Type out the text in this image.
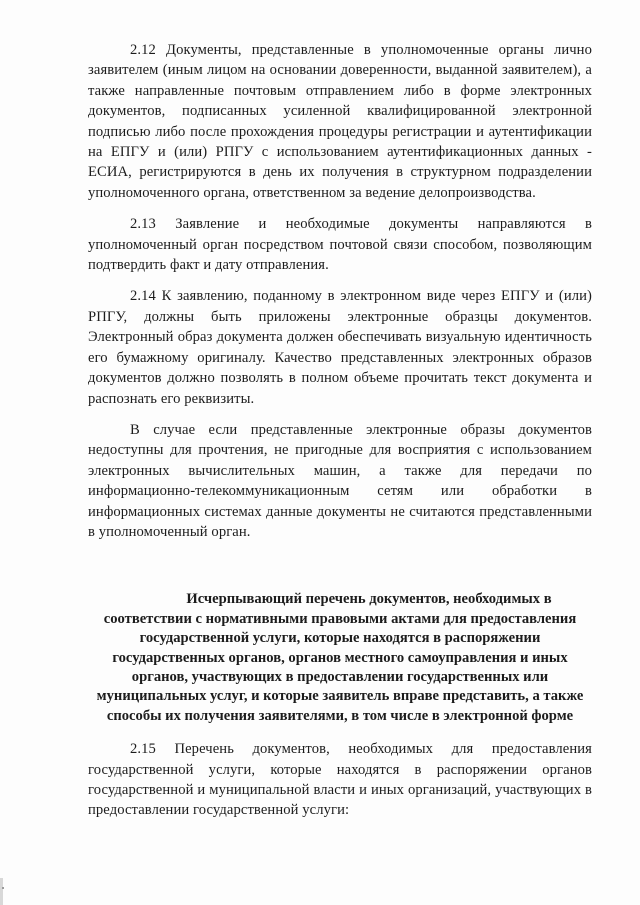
2.12 Документы, представленные в уполномоченные органы лично заявителем (иным лицом на основании доверенности, выданной заявителем), а также направленные почтовым отправлением либо в форме электронных документов, подписанных усиленной квалифицированной электронной подписью либо после прохождения процедуры регистрации и аутентификации на ЕПГУ и (или) РПГУ с использованием аутентификационных данных - ЕСИА, регистрируются в день их получения в структурном подразделении уполномоченного органа, ответственном за ведение делопроизводства.

2.13 Заявление и необходимые документы направляются в уполномоченный орган посредством почтовой связи способом, позволяющим подтвердить факт и дату отправления.

2.14 К заявлению, поданному в электронном виде через ЕПГУ и (или) РПГУ, должны быть приложены электронные образцы документов. Электронный образ документа должен обеспечивать визуальную идентичность его бумажному оригиналу. Качество представленных электронных образов документов должно позволять в полном объеме прочитать текст документа и распознать его реквизиты.

В случае если представленные электронные образы документов недоступны для прочтения, не пригодные для восприятия с использованием электронных вычислительных машин, а также для передачи по информационно-телекоммуникационным сетям или обработки в информационных системах данные документы не считаются представленными в уполномоченный орган.

Исчерпывающий перечень документов, необходимых в соответствии с нормативными правовыми актами для предоставления государственной услуги, которые находятся в распоряжении государственных органов, органов местного самоуправления и иных органов, участвующих в предоставлении государственных или муниципальных услуг, и которые заявитель вправе представить, а также способы их получения заявителями, в том числе в электронной форме

2.15 Перечень документов, необходимых для предоставления государственной услуги, которые находятся в распоряжении органов государственной и муниципальной власти и иных организаций, участвующих в предоставлении государственной услуги:
